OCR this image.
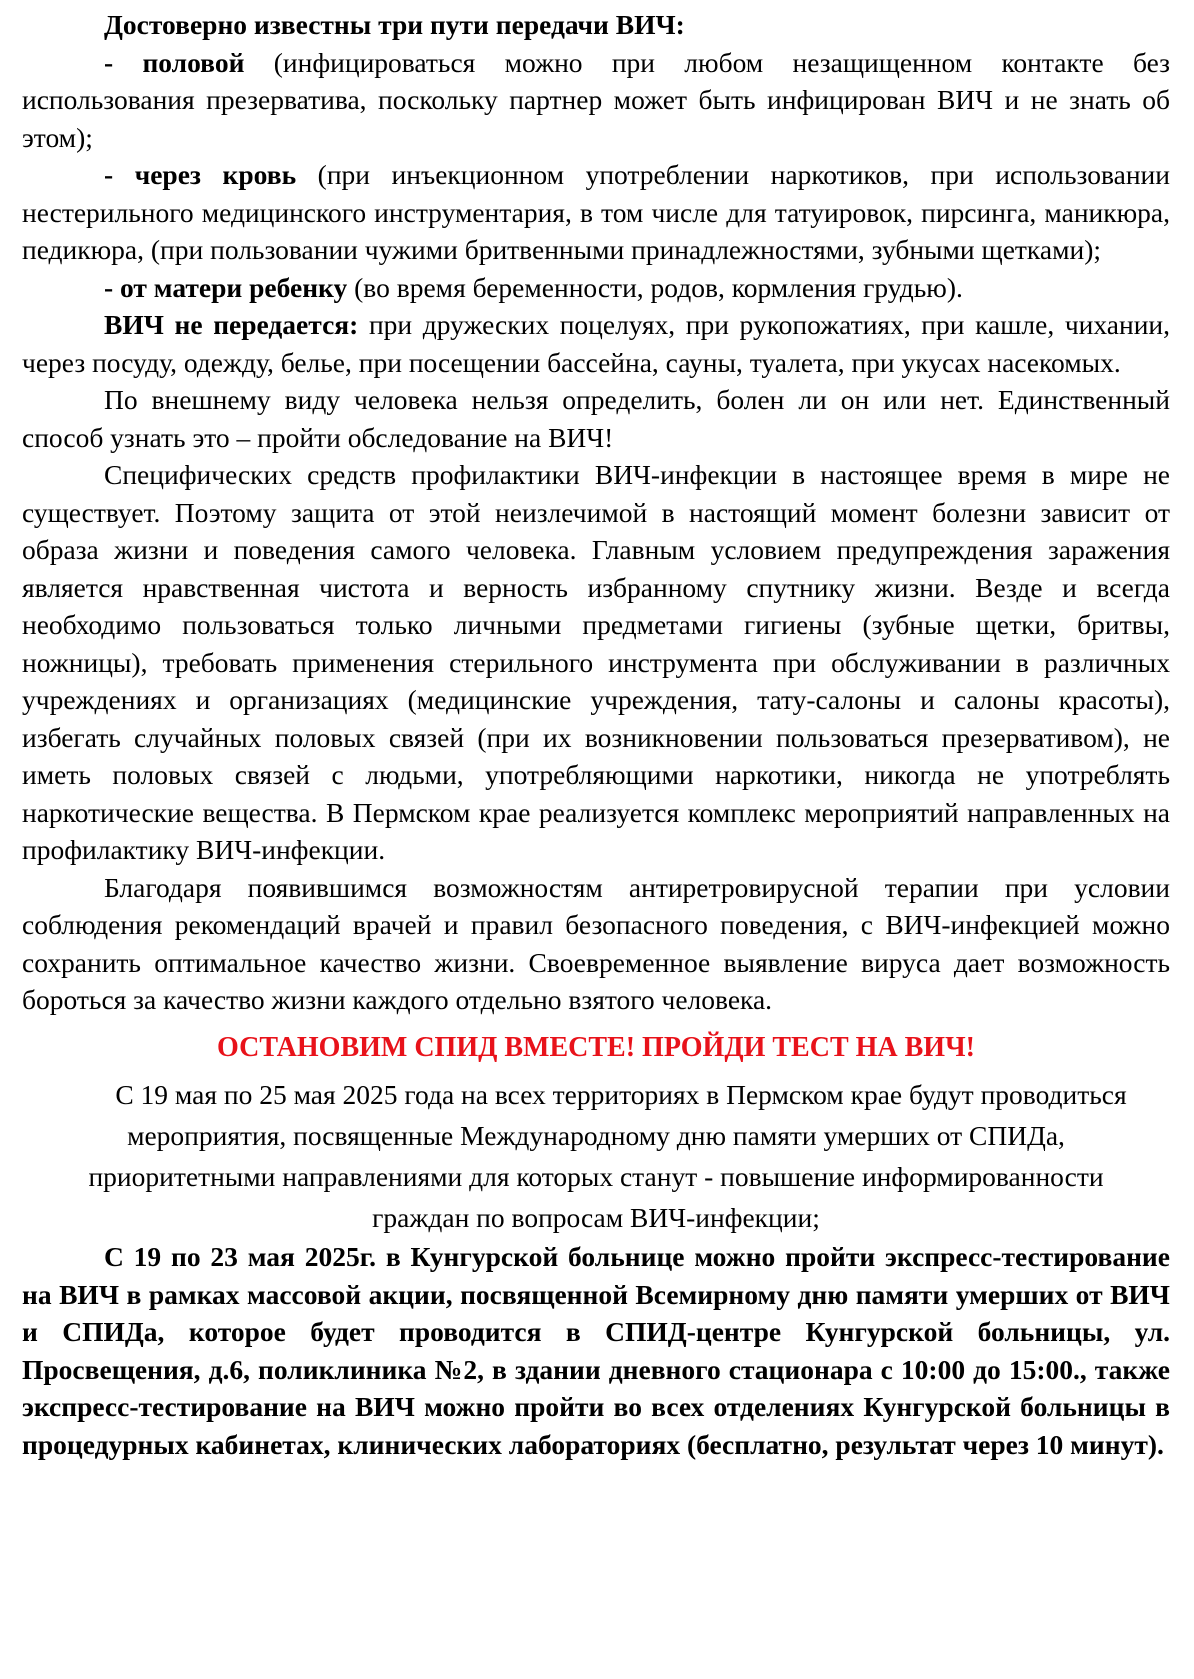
Достоверно известны три пути передачи ВИЧ:

- половой (инфицироваться можно при любом незащищенном контакте без использования презерватива, поскольку партнер может быть инфицирован ВИЧ и не знать об этом);

- через кровь (при инъекционном употреблении наркотиков, при использовании нестерильного медицинского инструментария, в том числе для татуировок, пирсинга, маникюра, педикюра, (при пользовании чужими бритвенными принадлежностями, зубными щетками);

- от матери ребенку (во время беременности, родов, кормления грудью).

ВИЧ не передается: при дружеских поцелуях, при рукопожатиях, при кашле, чихании, через посуду, одежду, белье, при посещении бассейна, сауны, туалета, при укусах насекомых.

По внешнему виду человека нельзя определить, болен ли он или нет. Единственный способ узнать это – пройти обследование на ВИЧ!

Специфических средств профилактики ВИЧ-инфекции в настоящее время в мире не существует. Поэтому защита от этой неизлечимой в настоящий момент болезни зависит от образа жизни и поведения самого человека. Главным условием предупреждения заражения является нравственная чистота и верность избранному спутнику жизни. Везде и всегда необходимо пользоваться только личными предметами гигиены (зубные щетки, бритвы, ножницы), требовать применения стерильного инструмента при обслуживании в различных учреждениях и организациях (медицинские учреждения, тату-салоны и салоны красоты), избегать случайных половых связей (при их возникновении пользоваться презервативом), не иметь половых связей с людьми, употребляющими наркотики, никогда не употреблять наркотические вещества. В Пермском крае реализуется комплекс мероприятий направленных на профилактику ВИЧ-инфекции.

Благодаря появившимся возможностям антиретровирусной терапии при условии соблюдения рекомендаций врачей и правил безопасного поведения, с ВИЧ-инфекцией можно сохранить оптимальное качество жизни. Своевременное выявление вируса дает возможность бороться за качество жизни каждого отдельно взятого человека.

ОСТАНОВИМ СПИД ВМЕСТЕ! ПРОЙДИ ТЕСТ НА ВИЧ!

С 19 мая по 25 мая 2025 года на всех территориях в Пермском крае будут проводиться мероприятия, посвященные Международному дню памяти умерших от СПИДа, приоритетными направлениями для которых станут - повышение информированности граждан по вопросам ВИЧ-инфекции;

С 19 по 23 мая 2025г. в Кунгурской больнице можно пройти экспресс-тестирование на ВИЧ в рамках массовой акции, посвященной Всемирному дню памяти умерших от ВИЧ и СПИДа, которое будет проводится в СПИД-центре Кунгурской больницы, ул. Просвещения, д.6, поликлиника №2, в здании дневного стационара с 10:00 до 15:00., также экспресс-тестирование на ВИЧ можно пройти во всех отделениях Кунгурской больницы в процедурных кабинетах, клинических лабораториях (бесплатно, результат через 10 минут).
